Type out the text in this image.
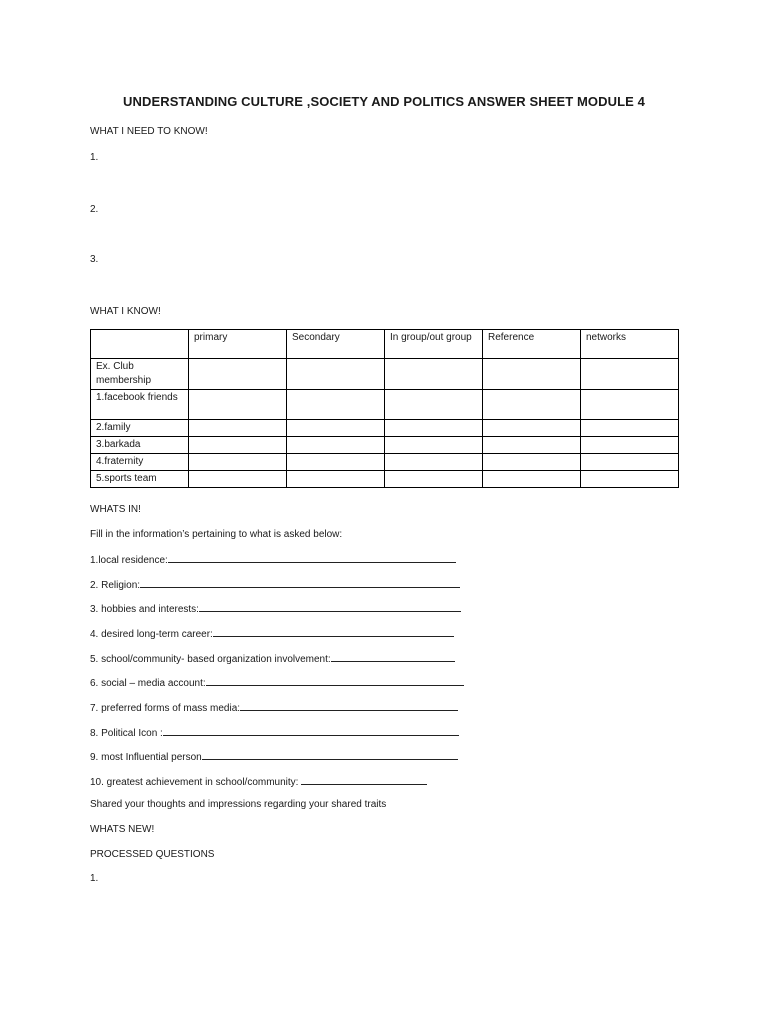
UNDERSTANDING CULTURE ,SOCIETY AND POLITICS ANSWER SHEET MODULE 4
WHAT I NEED TO KNOW!
1.
2.
3.
WHAT I KNOW!
	primary	Secondary	In group/out group	Reference	networks
Ex. Club membership					
1.facebook friends					
2.family					
3.barkada					
4.fraternity					
5.sports team					
WHATS IN!
Fill in the information’s pertaining to what is asked below:
1.local residence:
2. Religion:
3. hobbies and interests:
4. desired long-term career:
5. school/community- based organization involvement:
6. social – media account:
7. preferred forms of mass media:
8. Political Icon :
9. most Influential person
10. greatest achievement in school/community:
Shared your thoughts and impressions regarding your shared traits
WHATS NEW!
PROCESSED QUESTIONS
1.
